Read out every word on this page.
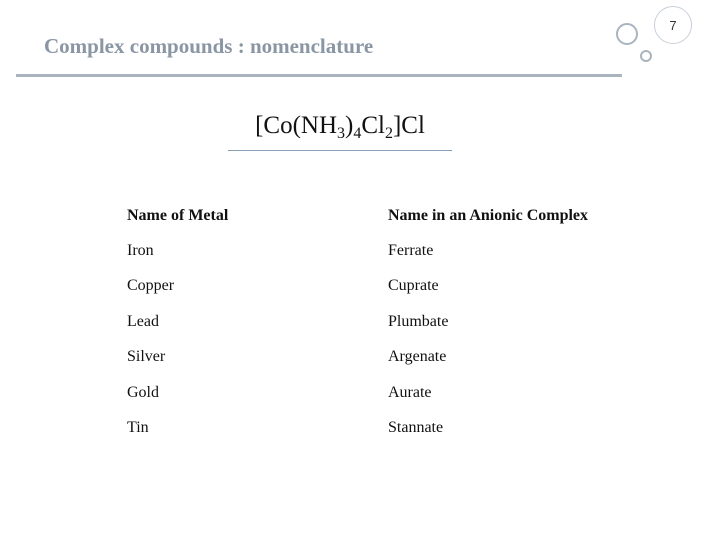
Complex compounds : nomenclature
7
$[Co(NH_3)_4Cl_2]Cl$
Name of Metal	Name in an Anionic Complex
Iron	Ferrate
Copper	Cuprate
Lead	Plumbate
Silver	Argenate
Gold	Aurate
Tin	Stannate
